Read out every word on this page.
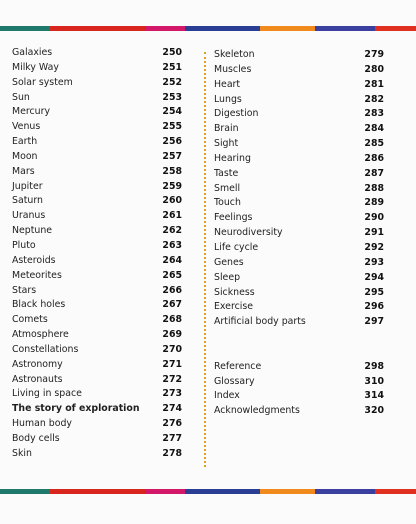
Galaxies	250
Milky Way	251
Solar system	252
Sun	253
Mercury	254
Venus	255
Earth	256
Moon	257
Mars	258
Jupiter	259
Saturn	260
Uranus	261
Neptune	262
Pluto	263
Asteroids	264
Meteorites	265
Stars	266
Black holes	267
Comets	268
Atmosphere	269
Constellations	270
Astronomy	271
Astronauts	272
Living in space	273
The story of exploration 274
Human body	276
Body cells	277
Skin	278
Skeleton	279
Muscles	280
Heart	281
Lungs	282
Digestion	283
Brain	284
Sight	285
Hearing	286
Taste	287
Smell	288
Touch	289
Feelings	290
Neurodiversity	291
Life cycle	292
Genes	293
Sleep	294
Sickness	295
Exercise	296
Artificial body parts	297
Reference	298
Glossary	310
Index	314
Acknowledgments	320
